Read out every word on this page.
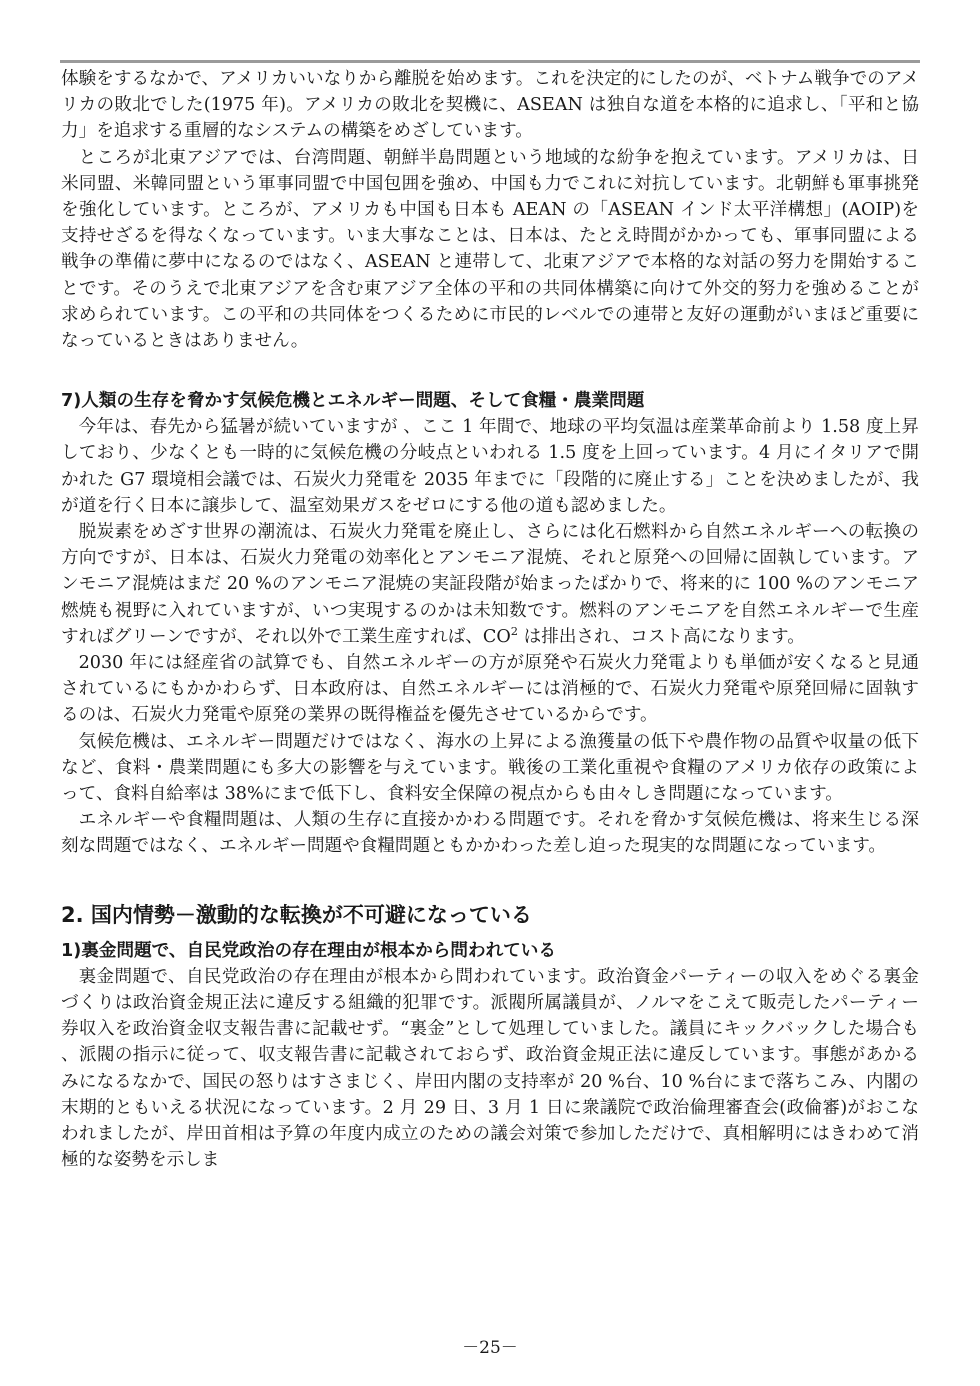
体験をするなかで、アメリカいいなりから離脱を始めます。これを決定的にしたのが、ベトナム戦争でのアメリカの敗北でした(1975 年)。アメリカの敗北を契機に、ASEAN は独自な道を本格的に追求し、「平和と協力」を追求する重層的なシステムの構築をめざしています。

ところが北東アジアでは、台湾問題、朝鮮半島問題という地域的な紛争を抱えています。アメリカは、日米同盟、米韓同盟という軍事同盟で中国包囲を強め、中国も力でこれに対抗しています。北朝鮮も軍事挑発を強化しています。ところが、アメリカも中国も日本も AEAN の「ASEAN インド太平洋構想」(AOIP)を支持せざるを得なくなっています。いま大事なことは、日本は、たとえ時間がかかっても、軍事同盟による戦争の準備に夢中になるのではなく、ASEAN と連帯して、北東アジアで本格的な対話の努力を開始することです。そのうえで北東アジアを含む東アジア全体の平和の共同体構築に向けて外交的努力を強めることが求められています。この平和の共同体をつくるために市民的レベルでの連帯と友好の運動がいまほど重要になっているときはありません。

7)人類の生存を脅かす気候危機とエネルギー問題、そして食糧・農業問題

今年は、春先から猛暑が続いていますが 、ここ 1 年間で、地球の平均気温は産業革命前より 1.58 度上昇しており、少なくとも一時的に気候危機の分岐点といわれる 1.5 度を上回っています。4 月にイタリアで開かれた G7 環境相会議では、石炭火力発電を 2035 年までに「段階的に廃止する」ことを決めましたが、我が道を行く日本に譲歩して、温室効果ガスをゼロにする他の道も認めました。

脱炭素をめざす世界の潮流は、石炭火力発電を廃止し、さらには化石燃料から自然エネルギーへの転換の方向ですが、日本は、石炭火力発電の効率化とアンモニア混焼、それと原発への回帰に固執しています。アンモニア混焼はまだ 20 %のアンモニア混焼の実証段階が始まったばかりで、将来的に 100 %のアンモニア燃焼も視野に入れていますが、いつ実現するのかは未知数です。燃料のアンモニアを自然エネルギーで生産すればグリーンですが、それ以外で工業生産すれば、$CO^2$ は排出され、コスト高になります。

2030 年には経産省の試算でも、自然エネルギーの方が原発や石炭火力発電よりも単価が安くなると見通されているにもかかわらず、日本政府は、自然エネルギーには消極的で、石炭火力発電や原発回帰に固執するのは、石炭火力発電や原発の業界の既得権益を優先させているからです。

気候危機は、エネルギー問題だけではなく、海水の上昇による漁獲量の低下や農作物の品質や収量の低下など、食料・農業問題にも多大の影響を与えています。戦後の工業化重視や食糧のアメリカ依存の政策によって、食料自給率は 38%にまで低下し、食料安全保障の視点からも由々しき問題になっています。

エネルギーや食糧問題は、人類の生存に直接かかわる問題です。それを脅かす気候危機は、将来生じる深刻な問題ではなく、エネルギー問題や食糧問題ともかかわった差し迫った現実的な問題になっています。

2. 国内情勢－激動的な転換が不可避になっている
1)裏金問題で、自民党政治の存在理由が根本から問われている

裏金問題で、自民党政治の存在理由が根本から問われています。政治資金パーティーの収入をめぐる裏金づくりは政治資金規正法に違反する組織的犯罪です。派閥所属議員が、ノルマをこえて販売したパーティー券収入を政治資金収支報告書に記載せず。“裏金”として処理していました。議員にキックバックした場合も、派閥の指示に従って、収支報告書に記載されておらず、政治資金規正法に違反しています。事態があかるみになるなかで、国民の怒りはすさまじく、岸田内閣の支持率が 20 %台、10 %台にまで落ちこみ、内閣の末期的ともいえる状況になっています。2 月 29 日、3 月 1 日に衆議院で政治倫理審査会(政倫審)がおこなわれましたが、岸田首相は予算の年度内成立のための議会対策で参加しただけで、真相解明にはきわめて消極的な姿勢を示しま

－25－
